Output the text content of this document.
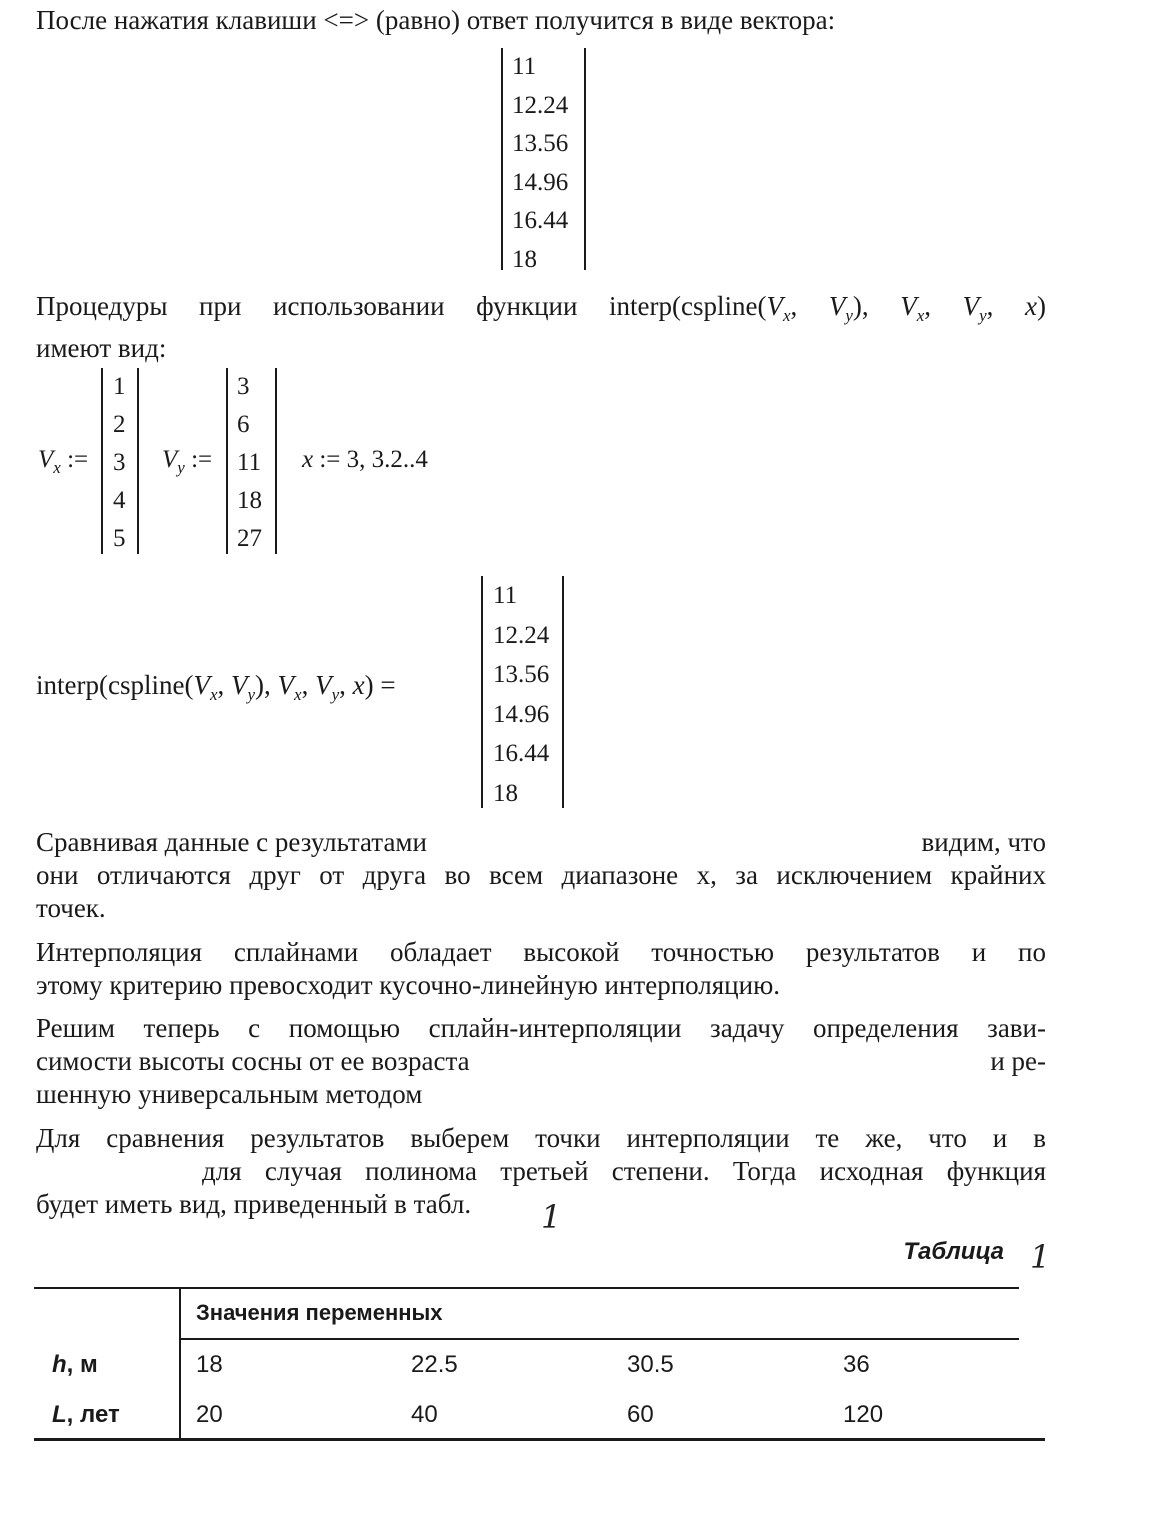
После нажатия клавиши <=> (равно) ответ получится в виде вектора:
11
12.24
13.56
14.96
16.44
18
Процедуры при использовании функции $interp(cspline(V_x$, $V_y$), $V_x$, $V_y$, x)
имеют вид:
$V_x$ :=
1
2
3
4
5
$V_y$ :=
3
6
11
18
27
x := 3, 3.2..4
$interp(cspline(V_x$, $V_y$), $V_x$, $V_y$, x) =
11
12.24
13.56
14.96
16.44
18
Сравнивая данные с результатами	видим, что
они отличаются друг от друга во всем диапазоне x, за исключением крайних
точек.
Интерполяция сплайнами обладает высокой точностью результатов и по
этому критерию превосходит кусочно-линейную интерполяцию.
Решим теперь с помощью сплайн-интерполяции задачу определения зави-
симости высоты сосны от ее возраста	и ре-
шенную универсальным методом
Для сравнения результатов выберем точки интерполяции те же, что и в
для случая полинома третьей степени. Тогда исходная функция
будет иметь вид, приведенный в табл.	1
Таблица 1
Значения переменных
h, м	18	22.5	30.5	36
L, лет	20	40	60	120
